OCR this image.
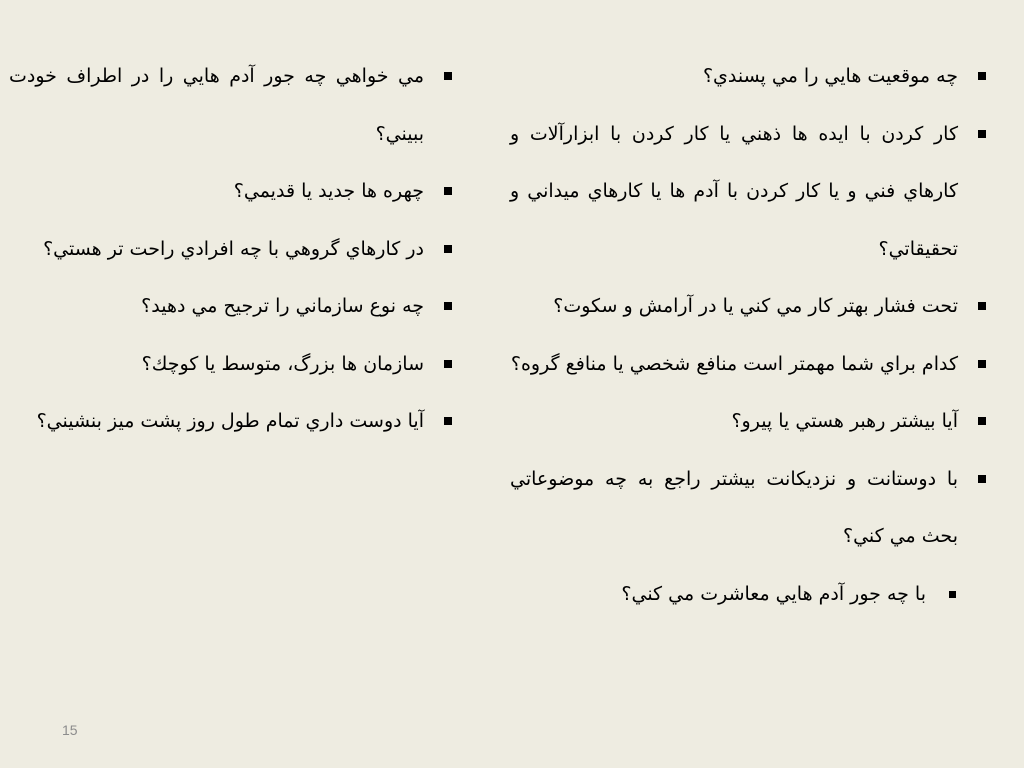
چه موقعيت هايي را مي پسندي؟
کار کردن با ايده ها ذهني يا کار کردن با ابزارآلات و کارهاي فني و يا کار کردن با آدم ها يا کارهاي ميداني و تحقيقاتي؟
تحت فشار بهتر کار مي کني يا در آرامش و سکوت؟
کدام براي شما مهمتر است منافع شخصي يا منافع گروه؟
آيا بيشتر رهبر هستي يا پيرو؟
با دوستانت و نزديکانت بيشتر راجع به چه موضوعاتي بحث مي کني؟
با چه جور آدم هايي معاشرت مي کني؟
مي خواهي چه جور آدم هايي را در اطراف خودت ببيني؟
چهره ها جديد يا قديمي؟
در کارهاي گروهي با چه افرادي راحت تر هستي؟
چه نوع سازماني را ترجيح مي دهيد؟
سازمان ها بزرگ، متوسط يا کوچك؟
آيا دوست داري تمام طول روز پشت ميز بنشيني؟
15
